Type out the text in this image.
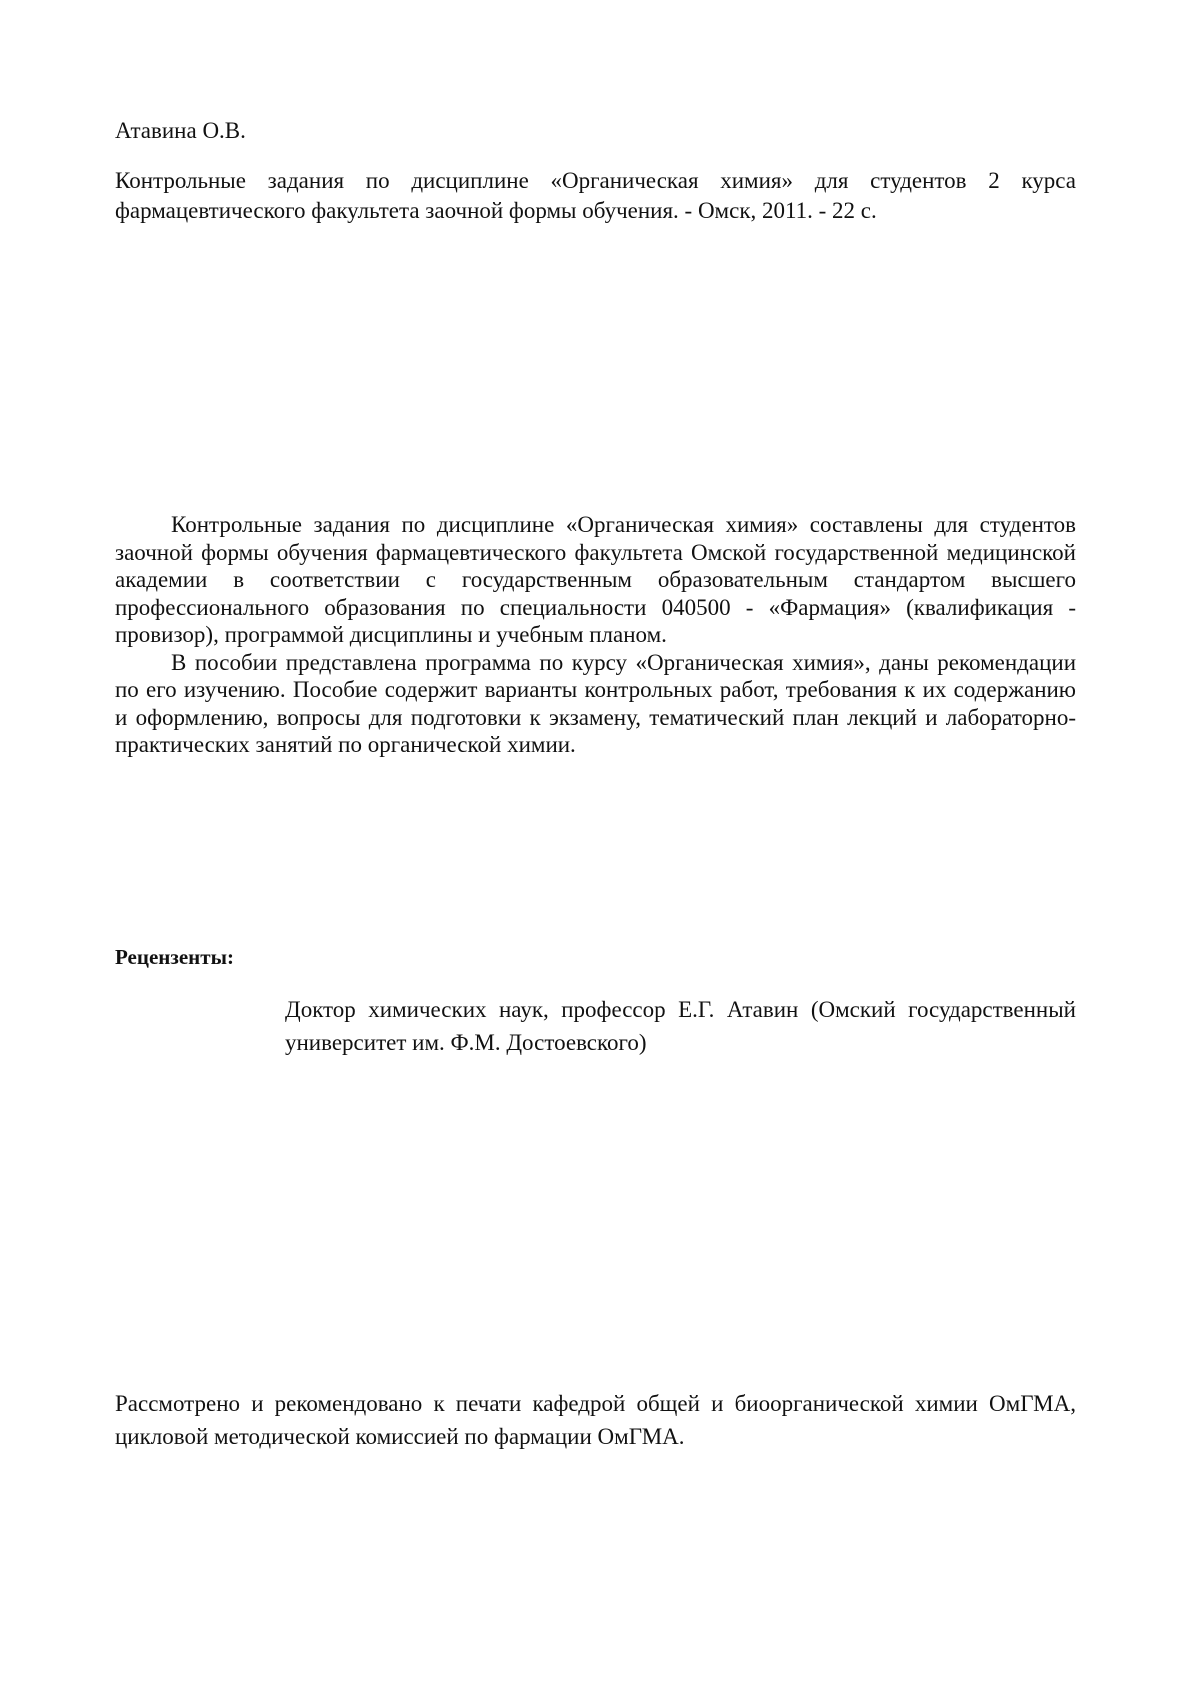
Атавина О.В.
Контрольные задания по дисциплине «Органическая химия» для студентов 2 курса фармацевтического факультета заочной формы обучения. - Омск, 2011. - 22 с.

Контрольные задания по дисциплине «Органическая химия» составлены для студентов заочной формы обучения фармацевтического факультета Омской государственной медицинской академии в соответствии с государственным образовательным стандартом высшего профессионального образования по специальности 040500 - «Фармация» (квалификация - провизор), программой дисциплины и учебным планом.

В пособии представлена программа по курсу «Органическая химия», даны рекомендации по его изучению. Пособие содержит варианты контрольных работ, требования к их содержанию и оформлению, вопросы для подготовки к экзамену, тематический план лекций и лабораторно-практических занятий по органической химии.

Рецензенты:
Доктор химических наук, профессор Е.Г. Атавин (Омский государственный университет им. Ф.М. Достоевского)
Рассмотрено и рекомендовано к печати кафедрой общей и биоорганической химии ОмГМА, цикловой методической комиссией по фармации ОмГМА.
